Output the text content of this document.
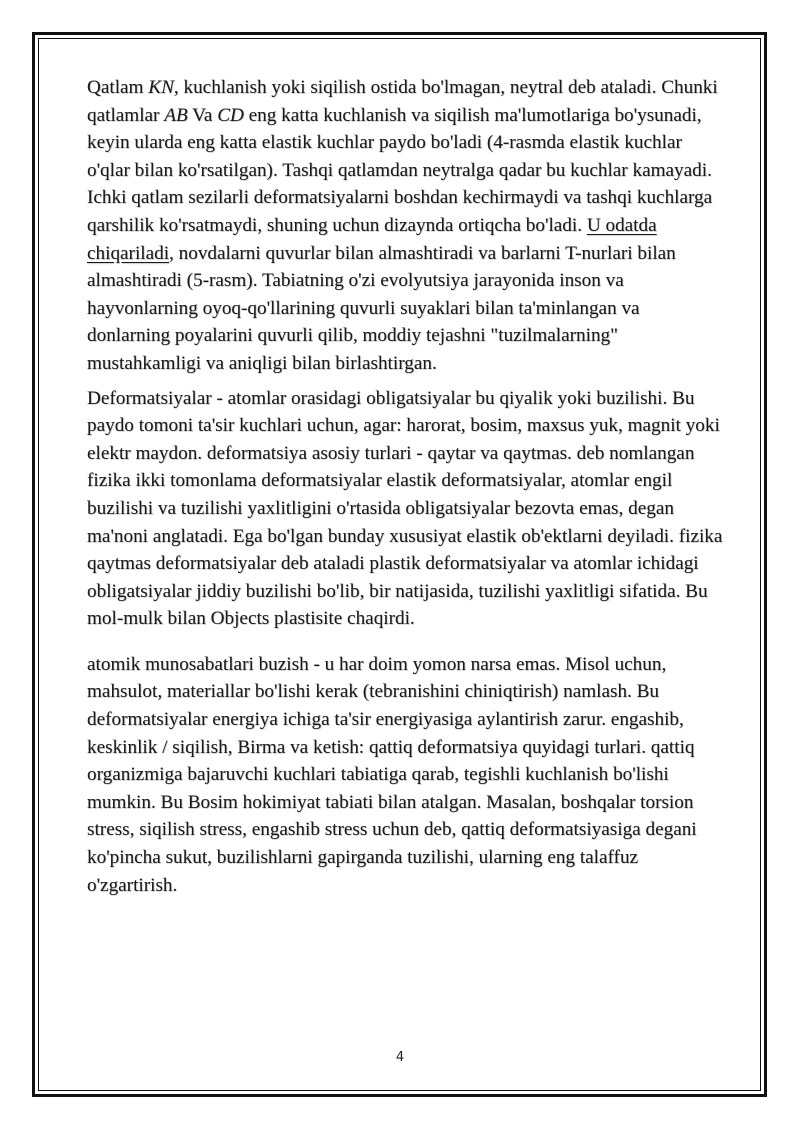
Qatlam KN, kuchlanish yoki siqilish ostida bo'lmagan, neytral deb ataladi. Chunki qatlamlar AB Va CD eng katta kuchlanish va siqilish ma'lumotlariga bo'ysunadi, keyin ularda eng katta elastik kuchlar paydo bo'ladi (4-rasmda elastik kuchlar o'qlar bilan ko'rsatilgan). Tashqi qatlamdan neytralga qadar bu kuchlar kamayadi. Ichki qatlam sezilarli deformatsiyalarni boshdan kechirmaydi va tashqi kuchlarga qarshilik ko'rsatmaydi, shuning uchun dizaynda ortiqcha bo'ladi. U odatda chiqariladi, novdalarni quvurlar bilan almashtiradi va barlarni T-nurlari bilan almashtiradi (5-rasm). Tabiatning o'zi evolyutsiya jarayonida inson va hayvonlarning oyoq-qo'llarining quvurli suyaklari bilan ta'minlangan va donlarning poyalarini quvurli qilib, moddiy tejashni "tuzilmalarning" mustahkamligi va aniqligi bilan birlashtirgan.

Deformatsiyalar - atomlar orasidagi obligatsiyalar bu qiyalik yoki buzilishi. Bu paydo tomoni ta'sir kuchlari uchun, agar: harorat, bosim, maxsus yuk, magnit yoki elektr maydon. deformatsiya asosiy turlari - qaytar va qaytmas. deb nomlangan fizika ikki tomonlama deformatsiyalar elastik deformatsiyalar, atomlar engil buzilishi va tuzilishi yaxlitligini o'rtasida obligatsiyalar bezovta emas, degan ma'noni anglatadi. Ega bo'lgan bunday xususiyat elastik ob'ektlarni deyiladi. fizika qaytmas deformatsiyalar deb ataladi plastik deformatsiyalar va atomlar ichidagi obligatsiyalar jiddiy buzilishi bo'lib, bir natijasida, tuzilishi yaxlitligi sifatida. Bu mol-mulk bilan Objects plastisite chaqirdi.

atomik munosabatlari buzish - u har doim yomon narsa emas. Misol uchun, mahsulot, materiallar bo'lishi kerak (tebranishini chiniqtirish) namlash. Bu deformatsiyalar energiya ichiga ta'sir energiyasiga aylantirish zarur. engashib, keskinlik / siqilish, Birma va ketish: qattiq deformatsiya quyidagi turlari. qattiq organizmiga bajaruvchi kuchlari tabiatiga qarab, tegishli kuchlanish bo'lishi mumkin. Bu Bosim hokimiyat tabiati bilan atalgan. Masalan, boshqalar torsion stress, siqilish stress, engashib stress uchun deb, qattiq deformatsiyasiga degani ko'pincha sukut, buzilishlarni gapirganda tuzilishi, ularning eng talaffuz o'zgartirish.

4
